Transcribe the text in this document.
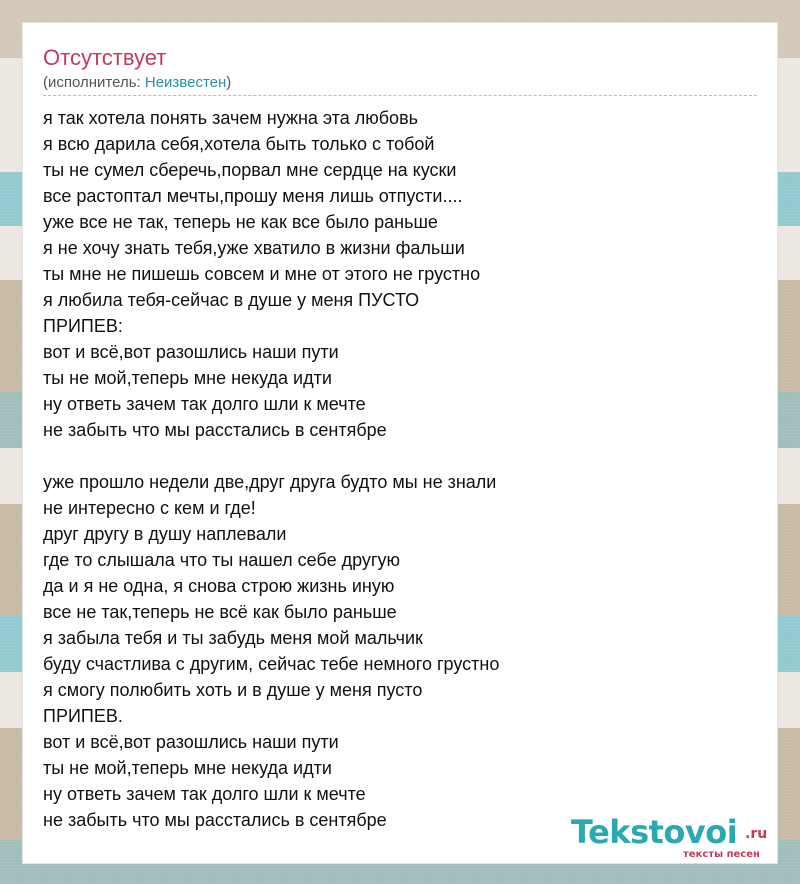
Отсутствует
(исполнитель: Неизвестен)
я так хотела понять зачем нужна эта любовь
я всю дарила себя,хотела быть только с тобой
ты не сумел сберечь,порвал мне сердце на куски
все растоптал мечты,прошу меня лишь отпусти....
уже все не так, теперь не как все было раньше
я не хочу знать тебя,уже хватило в жизни фальши
ты мне не пишешь совсем и мне от этого не грустно
я любила тебя-сейчас в душе у меня ПУСТО
ПРИПЕВ:
вот и всё,вот разошлись наши пути
ты не мой,теперь мне некуда идти
ну ответь зачем так долго шли к мечте
не забыть что мы расстались в сентябре
уже прошло недели две,друг друга будто мы не знали
не интересно с кем и где!
друг другу в душу наплевали
где то слышала что ты нашел себе другую
да и я не одна, я снова строю жизнь иную
все не так,теперь не всё как было раньше
я забыла тебя и ты забудь меня мой мальчик
буду счастлива с другим, сейчас тебе немного грустно
я смогу полюбить хоть и в душе у меня пусто
ПРИПЕВ.
вот и всё,вот разошлись наши пути
ты не мой,теперь мне некуда идти
ну ответь зачем так долго шли к мечте
не забыть что мы расстались в сентябре	Tekstovoi .ru
тексты песен
